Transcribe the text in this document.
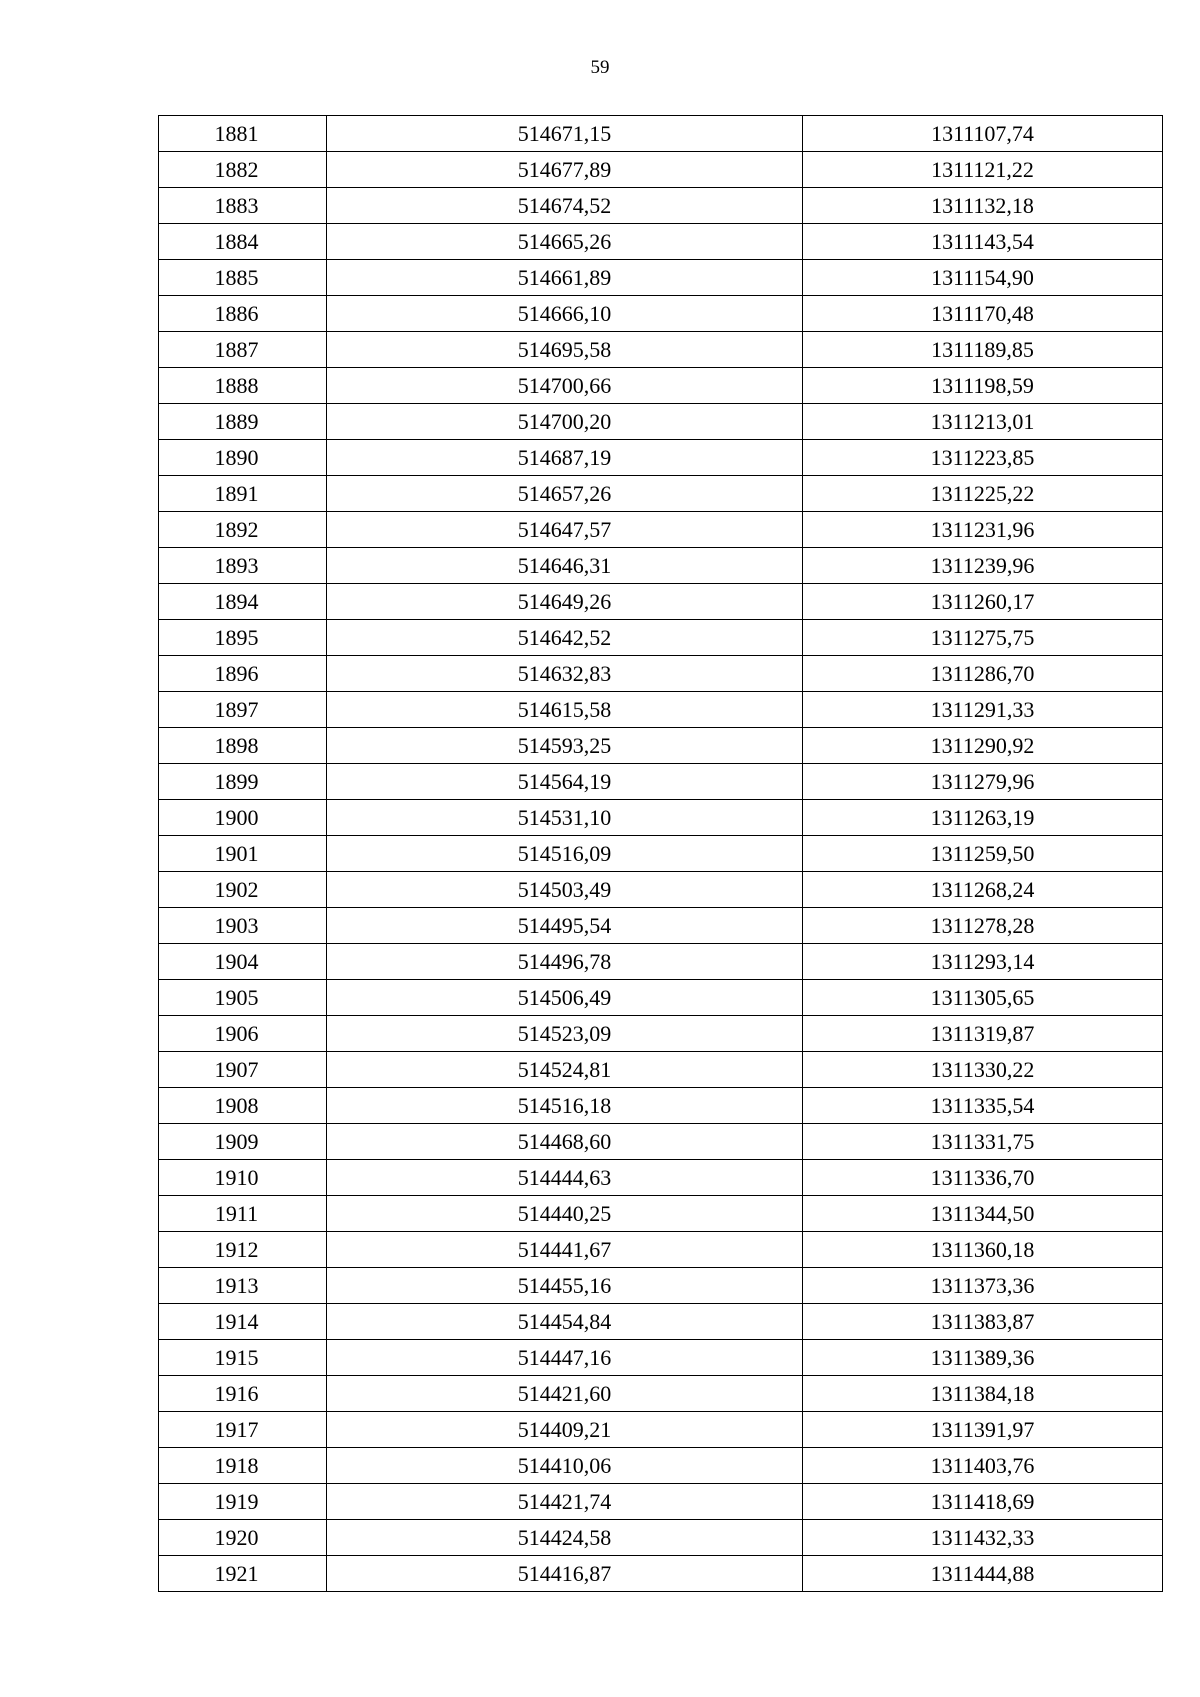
59
1881	514671,15	1311107,74
1882	514677,89	1311121,22
1883	514674,52	1311132,18
1884	514665,26	1311143,54
1885	514661,89	1311154,90
1886	514666,10	1311170,48
1887	514695,58	1311189,85
1888	514700,66	1311198,59
1889	514700,20	1311213,01
1890	514687,19	1311223,85
1891	514657,26	1311225,22
1892	514647,57	1311231,96
1893	514646,31	1311239,96
1894	514649,26	1311260,17
1895	514642,52	1311275,75
1896	514632,83	1311286,70
1897	514615,58	1311291,33
1898	514593,25	1311290,92
1899	514564,19	1311279,96
1900	514531,10	1311263,19
1901	514516,09	1311259,50
1902	514503,49	1311268,24
1903	514495,54	1311278,28
1904	514496,78	1311293,14
1905	514506,49	1311305,65
1906	514523,09	1311319,87
1907	514524,81	1311330,22
1908	514516,18	1311335,54
1909	514468,60	1311331,75
1910	514444,63	1311336,70
1911	514440,25	1311344,50
1912	514441,67	1311360,18
1913	514455,16	1311373,36
1914	514454,84	1311383,87
1915	514447,16	1311389,36
1916	514421,60	1311384,18
1917	514409,21	1311391,97
1918	514410,06	1311403,76
1919	514421,74	1311418,69
1920	514424,58	1311432,33
1921	514416,87	1311444,88
